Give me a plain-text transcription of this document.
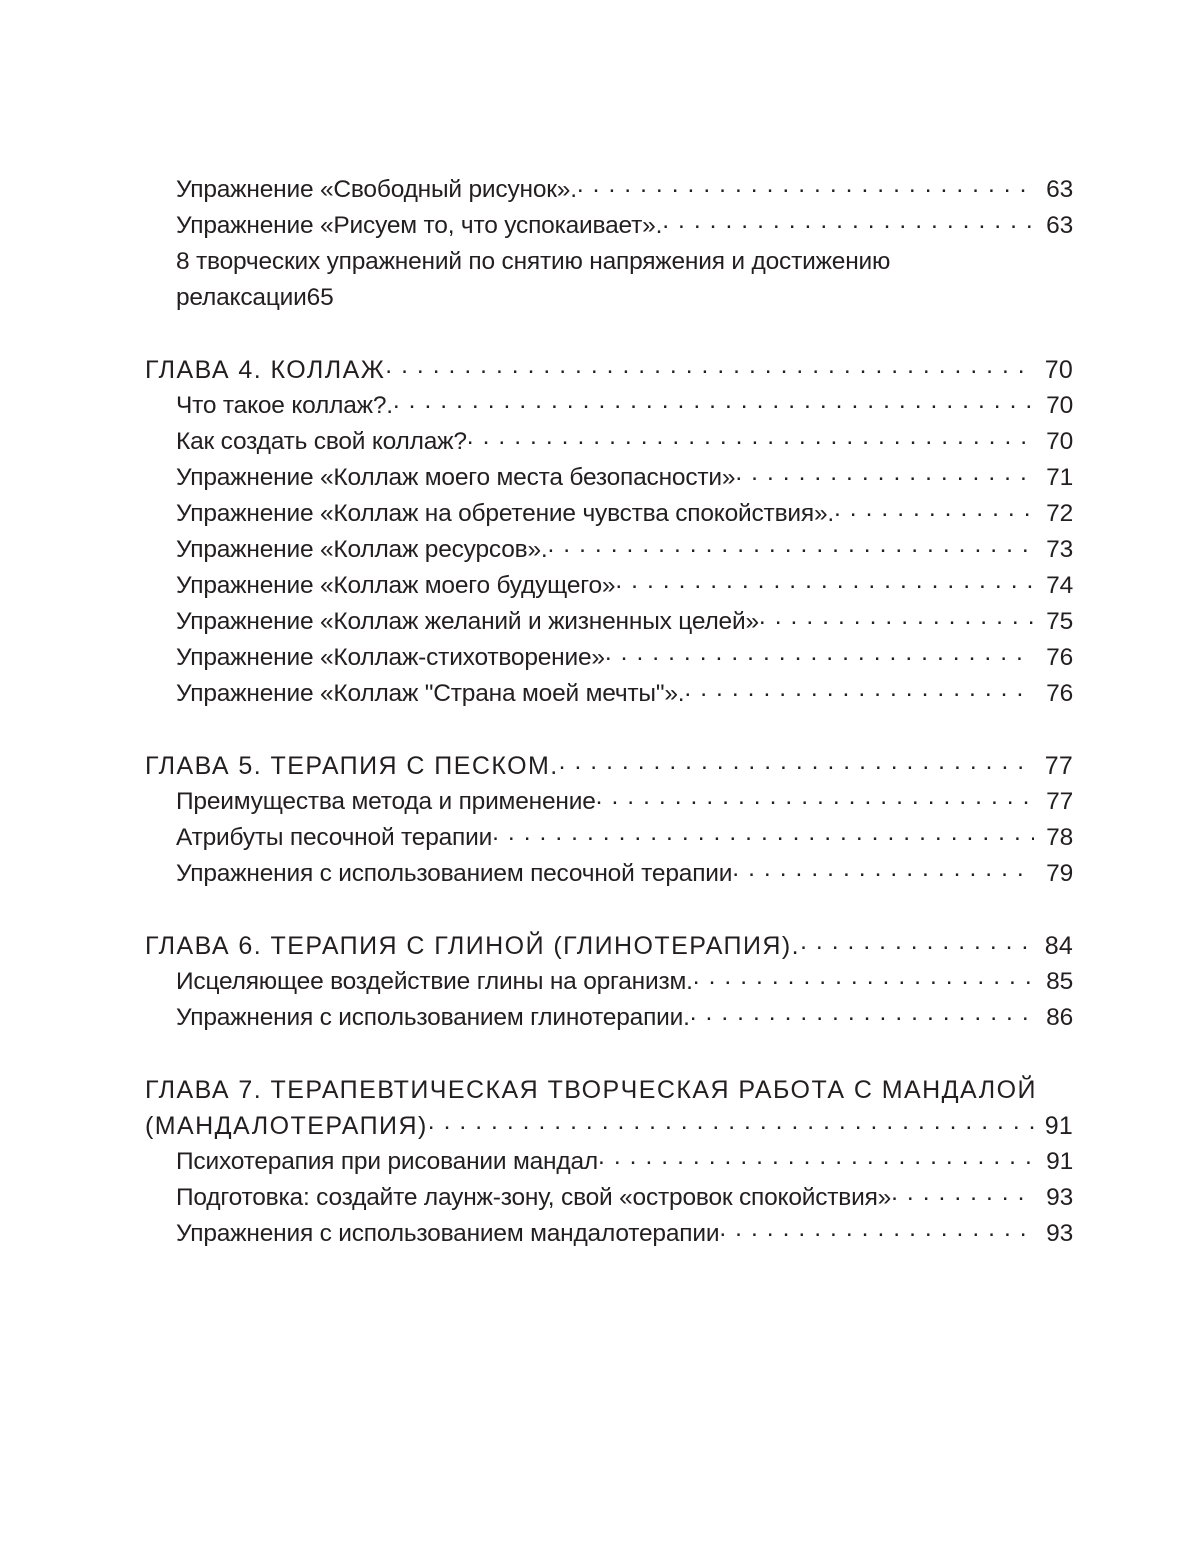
Упражнение «Свободный рисунок». . . .	63
Упражнение «Рисуем то, что успокаивает». . . .	63
8 творческих упражнений по снятию напряжения и достижению
релаксации 65
ГЛАВА 4. КОЛЛАЖ . . .	70
Что такое коллаж?. . . .	70
Как создать свой коллаж? . . .	70
Упражнение «Коллаж моего места безопасности» . . .	71
Упражнение «Коллаж на обретение чувства спокойствия». . . .	72
Упражнение «Коллаж ресурсов». . . .	73
Упражнение «Коллаж моего будущего» . . .	74
Упражнение «Коллаж желаний и жизненных целей» . . .	75
Упражнение «Коллаж-стихотворение» . . .	76
Упражнение «Коллаж "Страна моей мечты"». . . .	76
ГЛАВА 5. ТЕРАПИЯ С ПЕСКОМ. . . .	77
Преимущества метода и применение . . .	77
Атрибуты песочной терапии . . .	78
Упражнения с использованием песочной терапии . . .	79
ГЛАВА 6. ТЕРАПИЯ С ГЛИНОЙ (ГЛИНОТЕРАПИЯ). . . .	84
Исцеляющее воздействие глины на организм. . . .	85
Упражнения с использованием глинотерапии. . . .	86
ГЛАВА 7. ТЕРАПЕВТИЧЕСКАЯ ТВОРЧЕСКАЯ РАБОТА С МАНДАЛОЙ
(МАНДАЛОТЕРАПИЯ) . . .	91
Психотерапия при рисовании мандал . . .	91
Подготовка: создайте лаунж-зону, свой «островок спокойствия» . . .	93
Упражнения с использованием мандалотерапии . . .	93
